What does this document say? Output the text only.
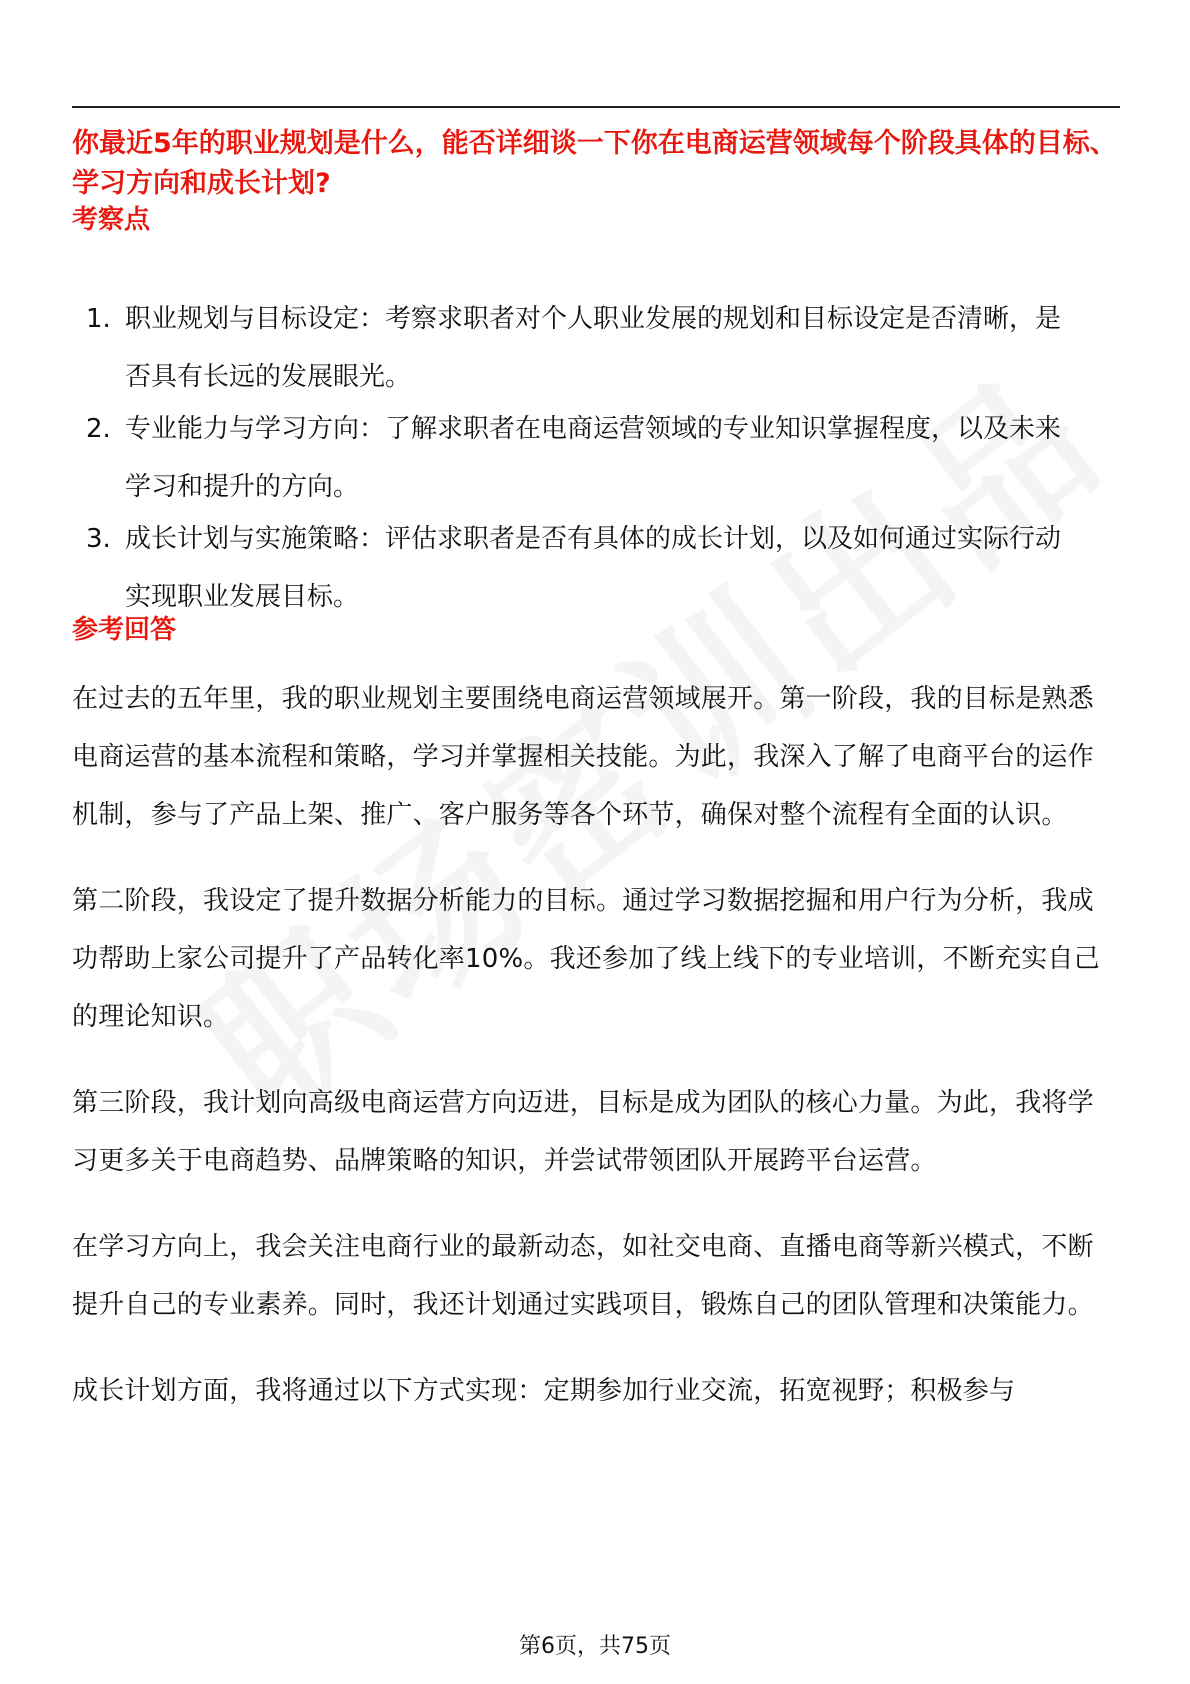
你最近5年的职业规划是什么，能否详细谈一下你在电商运营领域每个阶段具体的目标、学习方向和成长计划?

考察点
1. 职业规划与目标设定：考察求职者对个人职业发展的规划和目标设定是否清晰，是否具有长远的发展眼光。
2. 专业能力与学习方向：了解求职者在电商运营领域的专业知识掌握程度，以及未来学习和提升的方向。
3. 成长计划与实施策略：评估求职者是否有具体的成长计划，以及如何通过实际行动实现职业发展目标。
参考回答

在过去的五年里，我的职业规划主要围绕电商运营领域展开。第一阶段，我的目标是熟悉电商运营的基本流程和策略，学习并掌握相关技能。为此，我深入了解了电商平台的运作机制，参与了产品上架、推广、客户服务等各个环节，确保对整个流程有全面的认识。

第二阶段，我设定了提升数据分析能力的目标。通过学习数据挖掘和用户行为分析，我成功帮助上家公司提升了产品转化率10%。我还参加了线上线下的专业培训，不断充实自己的理论知识。

第三阶段，我计划向高级电商运营方向迈进，目标是成为团队的核心力量。为此，我将学习更多关于电商趋势、品牌策略的知识，并尝试带领团队开展跨平台运营。

在学习方向上，我会关注电商行业的最新动态，如社交电商、直播电商等新兴模式，不断提升自己的专业素养。同时，我还计划通过实践项目，锻炼自己的团队管理和决策能力。

成长计划方面，我将通过以下方式实现：定期参加行业交流，拓宽视野；积极参与

第6页，共75页
